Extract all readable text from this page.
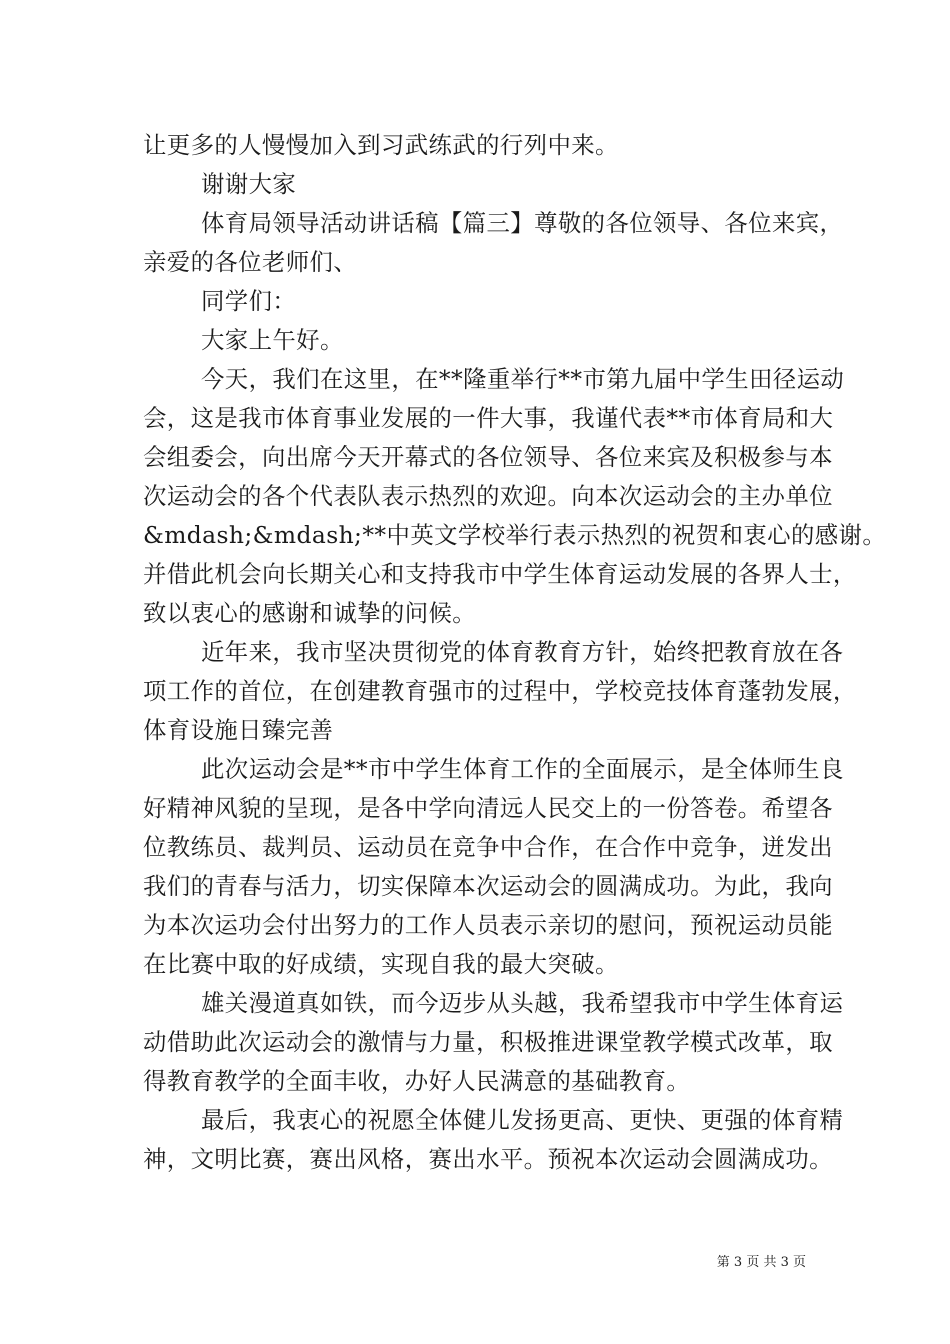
让更多的人慢慢加入到习武练武的行列中来。
谢谢大家
体育局领导活动讲话稿【篇三】尊敬的各位领导、各位来宾，
亲爱的各位老师们、
同学们：
大家上午好。
今天，我们在这里，在**隆重举行**市第九届中学生田径运动
会，这是我市体育事业发展的一件大事，我谨代表**市体育局和大
会组委会，向出席今天开幕式的各位领导、各位来宾及积极参与本
次运动会的各个代表队表示热烈的欢迎。向本次运动会的主办单位
&mdash;&mdash;**中英文学校举行表示热烈的祝贺和衷心的感谢。
并借此机会向长期关心和支持我市中学生体育运动发展的各界人士，
致以衷心的感谢和诚挚的问候。
近年来，我市坚决贯彻党的体育教育方针，始终把教育放在各
项工作的首位，在创建教育强市的过程中，学校竞技体育蓬勃发展，
体育设施日臻完善
此次运动会是**市中学生体育工作的全面展示，是全体师生良
好精神风貌的呈现，是各中学向清远人民交上的一份答卷。希望各
位教练员、裁判员、运动员在竞争中合作，在合作中竞争，迸发出
我们的青春与活力，切实保障本次运动会的圆满成功。为此，我向
为本次运功会付出努力的工作人员表示亲切的慰问，预祝运动员能
在比赛中取的好成绩，实现自我的最大突破。
雄关漫道真如铁，而今迈步从头越，我希望我市中学生体育运
动借助此次运动会的激情与力量，积极推进课堂教学模式改革，取
得教育教学的全面丰收，办好人民满意的基础教育。
最后，我衷心的祝愿全体健儿发扬更高、更快、更强的体育精
神，文明比赛，赛出风格，赛出水平。预祝本次运动会圆满成功。
第 3 页 共 3 页
